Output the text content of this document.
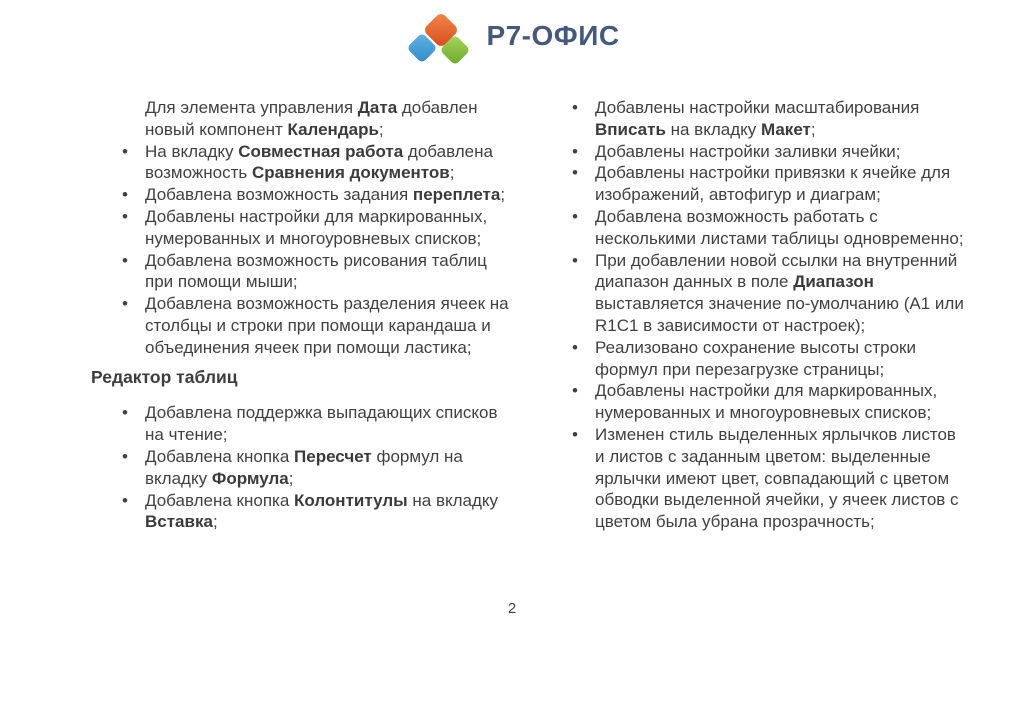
Р7-ОФИС
Для элемента управления Дата добавлен новый компонент Календарь;
• На вкладку Совместная работа добавлена возможность Сравнения документов;
• Добавлена возможность задания переплета;
• Добавлены настройки для маркированных, нумерованных и многоуровневых списков;
• Добавлена возможность рисования таблиц при помощи мыши;
• Добавлена возможность разделения ячеек на столбцы и строки при помощи карандаша и объединения ячеек при помощи ластика;
Редактор таблиц
• Добавлена поддержка выпадающих списков на чтение;
• Добавлена кнопка Пересчет формул на вкладку Формула;
• Добавлена кнопка Колонтитулы на вкладку Вставка;
• Добавлены настройки масштабирования Вписать на вкладку Макет;
• Добавлены настройки заливки ячейки;
• Добавлены настройки привязки к ячейке для изображений, автофигур и диаграм;
• Добавлена возможность работать с несколькими листами таблицы одновременно;
• При добавлении новой ссылки на внутренний диапазон данных в поле Диапазон выставляется значение по-умолчанию (A1 или R1C1 в зависимости от настроек);
• Реализовано сохранение высоты строки формул при перезагрузке страницы;
• Добавлены настройки для маркированных, нумерованных и многоуровневых списков;
• Изменен стиль выделенных ярлычков листов и листов с заданным цветом: выделенные ярлычки имеют цвет, совпадающий с цветом обводки выделенной ячейки, у ячеек листов с цветом была убрана прозрачность;
2
